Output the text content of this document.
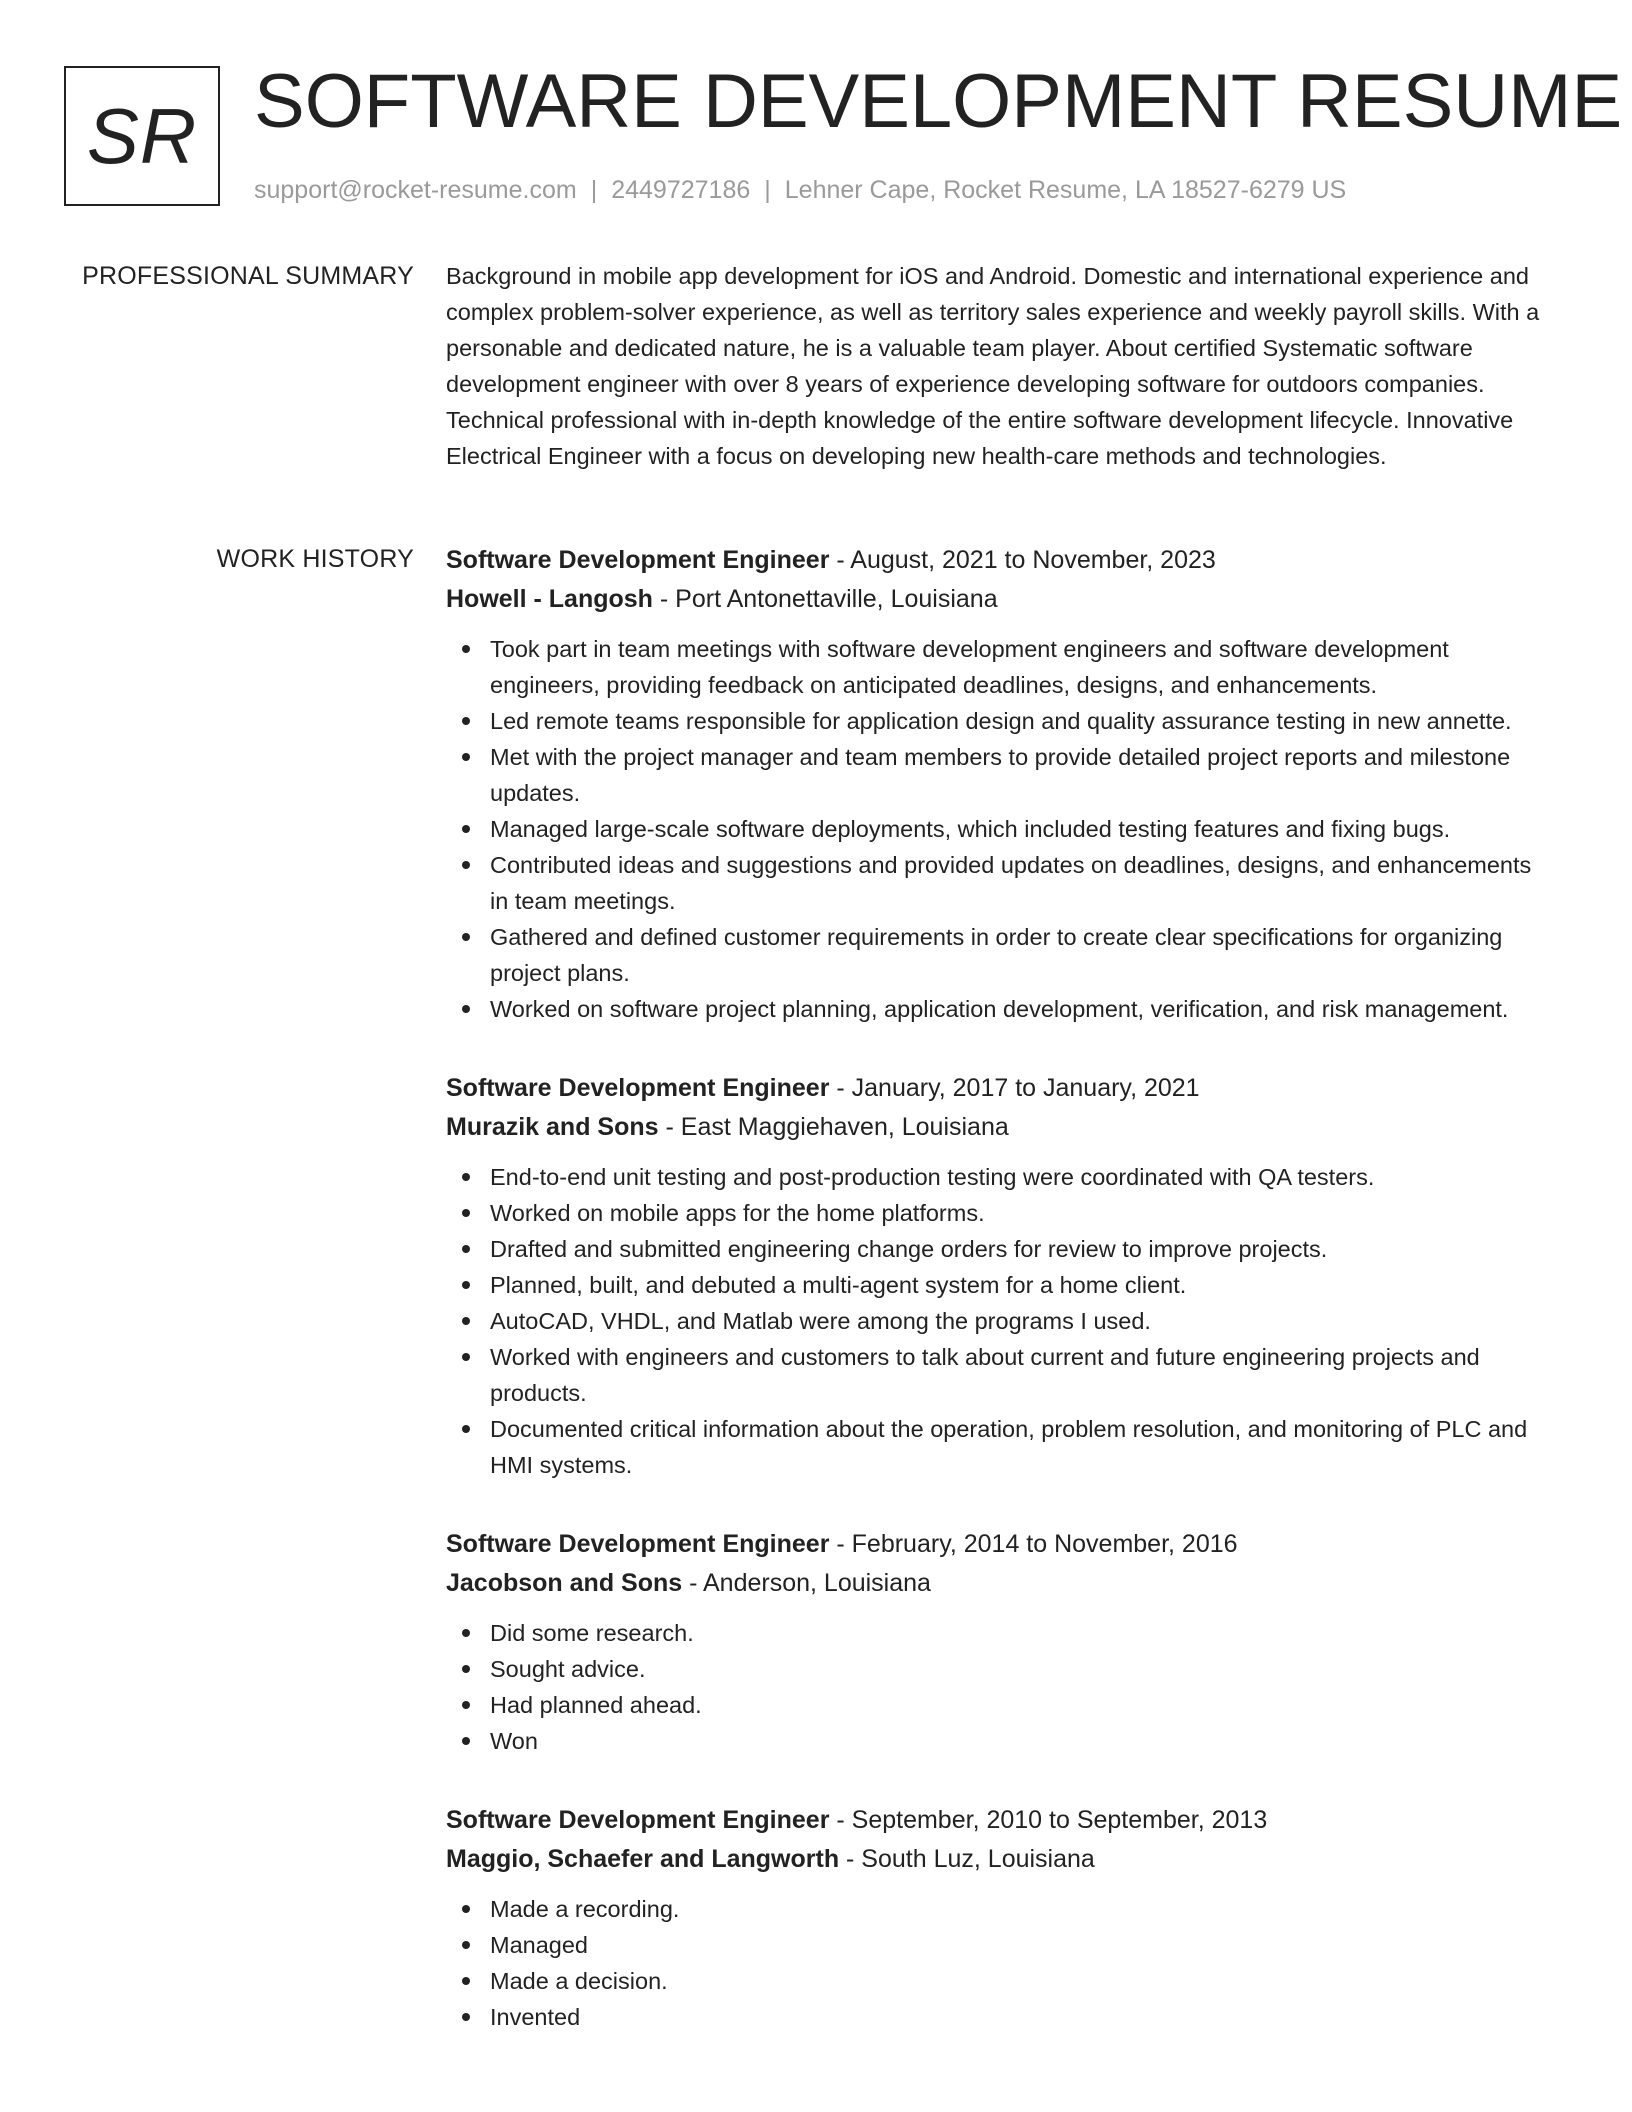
SR SOFTWARE DEVELOPMENT RESUME
support@rocket-resume.com | 2449727186 | Lehner Cape, Rocket Resume, LA 18527-6279 US
PROFESSIONAL SUMMARY Background in mobile app development for iOS and Android. Domestic and international experience and complex problem-solver experience, as well as territory sales experience and weekly payroll skills. With a personable and dedicated nature, he is a valuable team player. About certified Systematic software development engineer with over 8 years of experience developing software for outdoors companies. Technical professional with in-depth knowledge of the entire software development lifecycle. Innovative Electrical Engineer with a focus on developing new health-care methods and technologies.

WORK HISTORY Software Development Engineer - August, 2021 to November, 2023
Howell - Langosh - Port Antonettaville, Louisiana
Took part in team meetings with software development engineers and software development engineers, providing feedback on anticipated deadlines, designs, and enhancements.
Led remote teams responsible for application design and quality assurance testing in new annette.
Met with the project manager and team members to provide detailed project reports and milestone updates.
Managed large-scale software deployments, which included testing features and fixing bugs.
Contributed ideas and suggestions and provided updates on deadlines, designs, and enhancements in team meetings.
Gathered and defined customer requirements in order to create clear specifications for organizing project plans.
Worked on software project planning, application development, verification, and risk management.
Software Development Engineer - January, 2017 to January, 2021
Murazik and Sons - East Maggiehaven, Louisiana
End-to-end unit testing and post-production testing were coordinated with QA testers.
Worked on mobile apps for the home platforms.
Drafted and submitted engineering change orders for review to improve projects.
Planned, built, and debuted a multi-agent system for a home client.
AutoCAD, VHDL, and Matlab were among the programs I used.
Worked with engineers and customers to talk about current and future engineering projects and products.
Documented critical information about the operation, problem resolution, and monitoring of PLC and HMI systems.
Software Development Engineer - February, 2014 to November, 2016
Jacobson and Sons - Anderson, Louisiana
Did some research.
Sought advice.
Had planned ahead.
Won
Software Development Engineer - September, 2010 to September, 2013
Maggio, Schaefer and Langworth - South Luz, Louisiana
Made a recording.
Managed
Made a decision.
Invented
